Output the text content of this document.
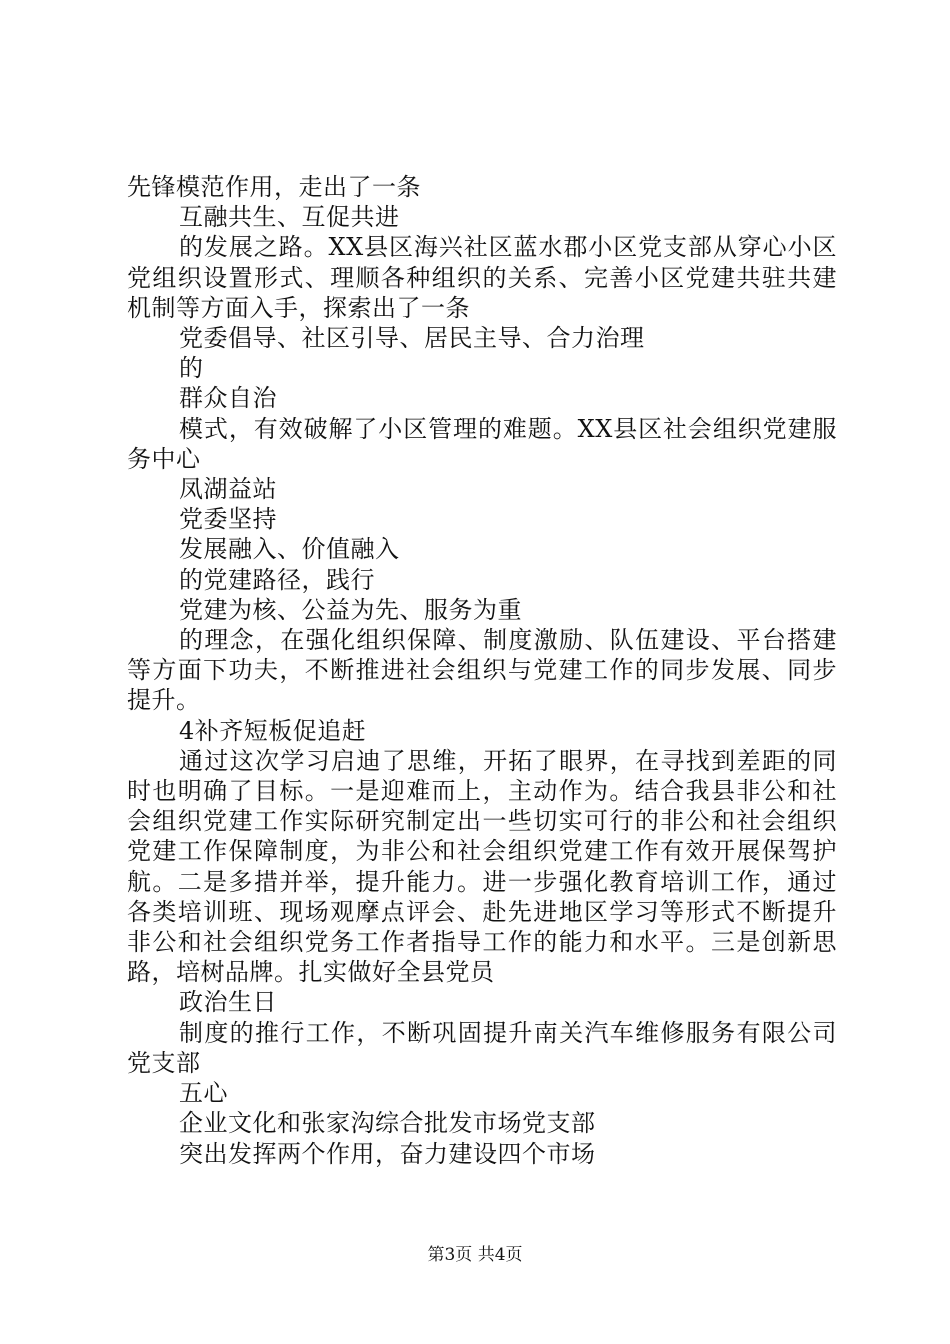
先锋模范作用，走出了一条

互融共生、互促共进

的发展之路。XX县区海兴社区蓝水郡小区党支部从穿心小区党组织设置形式、理顺各种组织的关系、完善小区党建共驻共建机制等方面入手，探索出了一条

党委倡导、社区引导、居民主导、合力治理

的

群众自治

模式，有效破解了小区管理的难题。XX县区社会组织党建服务中心

凤湖益站

党委坚持

发展融入、价值融入

的党建路径，践行

党建为核、公益为先、服务为重

的理念，在强化组织保障、制度激励、队伍建设、平台搭建等方面下功夫，不断推进社会组织与党建工作的同步发展、同步提升。

4补齐短板促追赶

通过这次学习启迪了思维，开拓了眼界，在寻找到差距的同时也明确了目标。一是迎难而上，主动作为。结合我县非公和社会组织党建工作实际研究制定出一些切实可行的非公和社会组织党建工作保障制度，为非公和社会组织党建工作有效开展保驾护航。二是多措并举，提升能力。进一步强化教育培训工作，通过各类培训班、现场观摩点评会、赴先进地区学习等形式不断提升非公和社会组织党务工作者指导工作的能力和水平。三是创新思路，培树品牌。扎实做好全县党员

政治生日

制度的推行工作，不断巩固提升南关汽车维修服务有限公司党支部

五心

企业文化和张家沟综合批发市场党支部

突出发挥两个作用，奋力建设四个市场

第3页 共4页
